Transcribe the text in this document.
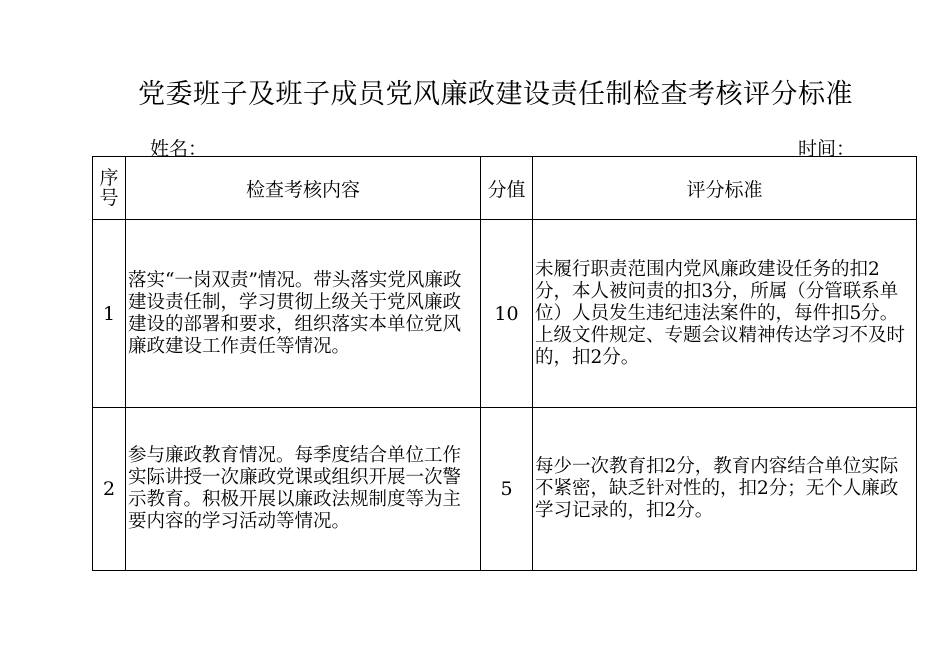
党委班子及班子成员党风廉政建设责任制检查考核评分标准
姓名：	时间：
序号	检查考核内容	分值	评分标准
1	落实“一岗双责”情况。带头落实党风廉政建设责任制，学习贯彻上级关于党风廉政建设的部署和要求，组织落实本单位党风廉政建设工作责任等情况。	10	未履行职责范围内党风廉政建设任务的扣2分，本人被问责的扣3分，所属（分管联系单位）人员发生违纪违法案件的，每件扣5分。上级文件规定、专题会议精神传达学习不及时的，扣2分。
2	参与廉政教育情况。每季度结合单位工作实际讲授一次廉政党课或组织开展一次警示教育。积极开展以廉政法规制度等为主要内容的学习活动等情况。	5	每少一次教育扣2分，教育内容结合单位实际不紧密，缺乏针对性的，扣2分；无个人廉政学习记录的，扣2分。
